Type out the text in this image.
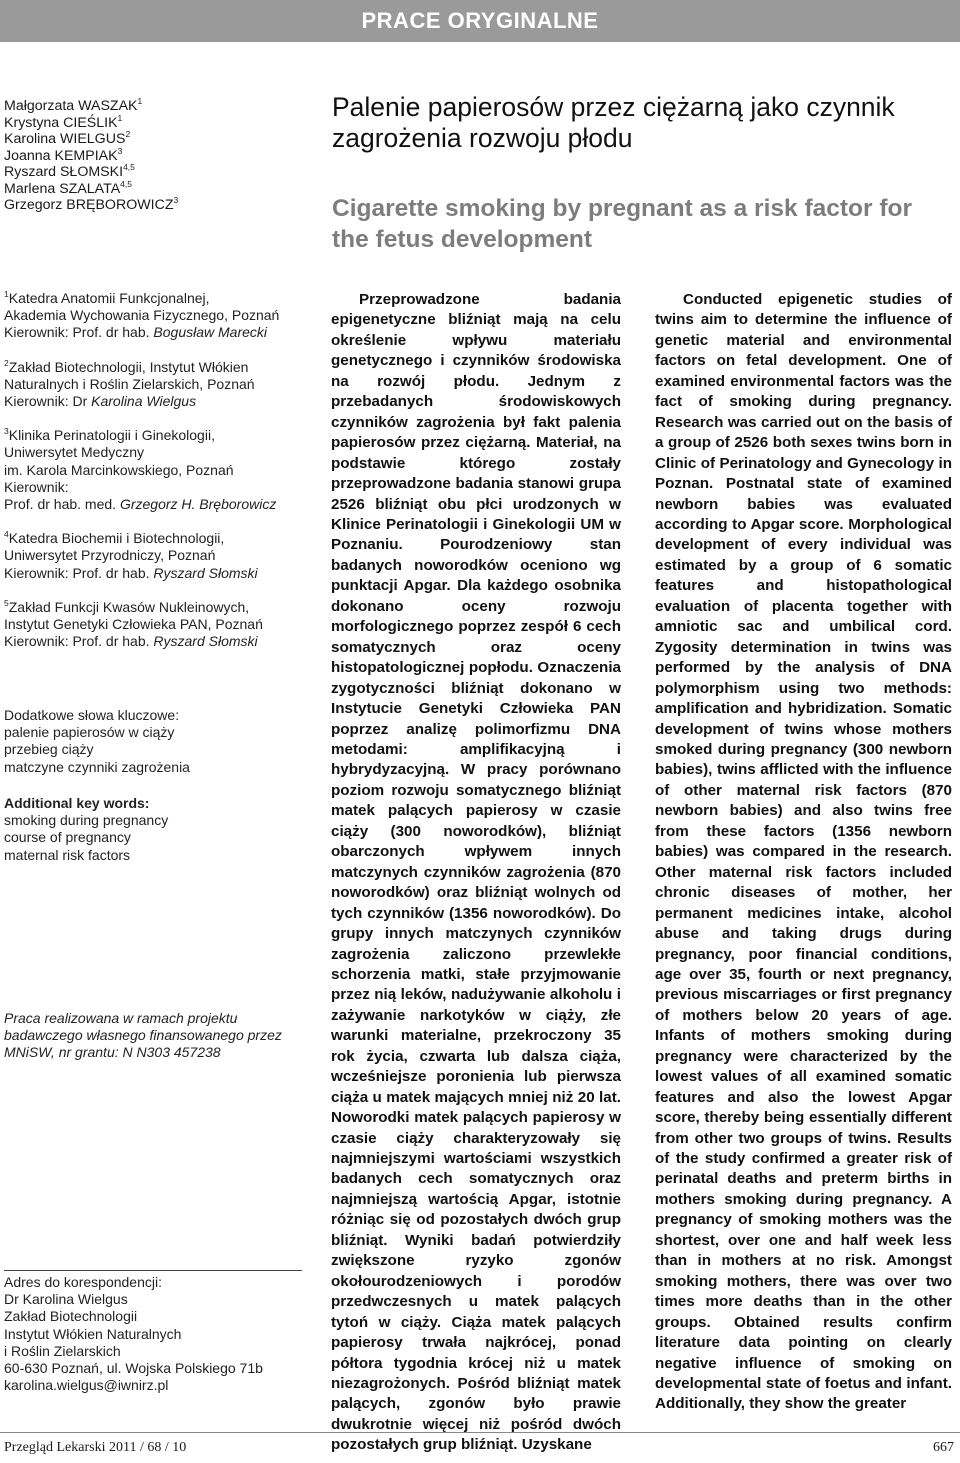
PRACE ORYGINALNE
Małgorzata WASZAK$^1$
Krystyna CIEŚLIK$^1$
Karolina WIELGUS$^2$
Joanna KEMPIAK$^3$
Ryszard SŁOMSKI$^{4,5}$
Marlena SZALATA$^{4,5}$
Grzegorz BRĘBOROWICZ$^3$
Palenie papierosów przez ciężarną jako czynnik zagrożenia rozwoju płodu
Cigarette smoking by pregnant as a risk factor for the fetus development
$^1$Katedra Anatomii Funkcjonalnej,
Akademia Wychowania Fizycznego, Poznań
Kierownik: Prof. dr hab. Bogusław Marecki
$^2$Zakład Biotechnologii, Instytut Włókien
Naturalnych i Roślin Zielarskich, Poznań
Kierownik: Dr Karolina Wielgus
$^3$Klinika Perinatologii i Ginekologii,
Uniwersytet Medyczny
im. Karola Marcinkowskiego, Poznań
Kierownik:
Prof. dr hab. med. Grzegorz H. Bręborowicz
$^4$Katedra Biochemii i Biotechnologii,
Uniwersytet Przyrodniczy, Poznań
Kierownik: Prof. dr hab. Ryszard Słomski
$^5$Zakład Funkcji Kwasów Nukleinowych,
Instytut Genetyki Człowieka PAN, Poznań
Kierownik: Prof. dr hab. Ryszard Słomski
Dodatkowe słowa kluczowe:
palenie papierosów w ciąży
przebieg ciąży
matczyne czynniki zagrożenia
Additional key words:
smoking during pregnancy
course of pregnancy
maternal risk factors
Praca realizowana w ramach projektu badawczego własnego finansowanego przez MNiSW, nr grantu: N N303 457238
Adres do korespondencji:
Dr Karolina Wielgus
Zakład Biotechnologii
Instytut Włókien Naturalnych
i Roślin Zielarskich
60-630 Poznań, ul. Wojska Polskiego 71b
karolina.wielgus@iwnirz.pl

Przeprowadzone badania epigenetyczne bliźniąt mają na celu określenie wpływu materiału genetycznego i czynników środowiska na rozwój płodu. Jednym z przebadanych środowiskowych czynników zagrożenia był fakt palenia papierosów przez ciężarną. Materiał, na podstawie którego zostały przeprowadzone badania stanowi grupa 2526 bliźniąt obu płci urodzonych w Klinice Perinatologii i Ginekologii UM w Poznaniu. Pourodzeniowy stan badanych noworodków oceniono wg punktacji Apgar. Dla każdego osobnika dokonano oceny rozwoju morfologicznego poprzez zespół 6 cech somatycznych oraz oceny histopatologicznej popłodu. Oznaczenia zygotyczności bliźniąt dokonano w Instytucie Genetyki Człowieka PAN poprzez analizę polimorfizmu DNA metodami: amplifikacyjną i hybrydyzacyjną. W pracy porównano poziom rozwoju somatycznego bliźniąt matek palących papierosy w czasie ciąży (300 noworodków), bliźniąt obarczonych wpływem innych matczynych czynników zagrożenia (870 noworodków) oraz bliźniąt wolnych od tych czynników (1356 noworodków). Do grupy innych matczynych czynników zagrożenia zaliczono przewlekłe schorzenia matki, stałe przyjmowanie przez nią leków, nadużywanie alkoholu i zażywanie narkotyków w ciąży, złe warunki materialne, przekroczony 35 rok życia, czwarta lub dalsza ciąża, wcześniejsze poronienia lub pierwsza ciąża u matek mających mniej niż 20 lat. Noworodki matek palących papierosy w czasie ciąży charakteryzowały się najmniejszymi wartościami wszystkich badanych cech somatycznych oraz najmniejszą wartością Apgar, istotnie różniąc się od pozostałych dwóch grup bliźniąt. Wyniki badań potwierdziły zwiększone ryzyko zgonów okołourodzeniowych i porodów przedwczesnych u matek palących tytoń w ciąży. Ciąża matek palących papierosy trwała najkrócej, ponad półtora tygodnia krócej niż u matek niezagrożonych. Pośród bliźniąt matek palących, zgonów było prawie dwukrotnie więcej niż pośród dwóch pozostałych grup bliźniąt. Uzyskane

Conducted epigenetic studies of twins aim to determine the influence of genetic material and environmental factors on fetal development. One of examined environmental factors was the fact of smoking during pregnancy. Research was carried out on the basis of a group of 2526 both sexes twins born in Clinic of Perinatology and Gynecology in Poznan. Postnatal state of examined newborn babies was evaluated according to Apgar score. Morphological development of every individual was estimated by a group of 6 somatic features and histopathological evaluation of placenta together with amniotic sac and umbilical cord. Zygosity determination in twins was performed by the analysis of DNA polymorphism using two methods: amplification and hybridization. Somatic development of twins whose mothers smoked during pregnancy (300 newborn babies), twins afflicted with the influence of other maternal risk factors (870 newborn babies) and also twins free from these factors (1356 newborn babies) was compared in the research. Other maternal risk factors included chronic diseases of mother, her permanent medicines intake, alcohol abuse and taking drugs during pregnancy, poor financial conditions, age over 35, fourth or next pregnancy, previous miscarriages or first pregnancy of mothers below 20 years of age. Infants of mothers smoking during pregnancy were characterized by the lowest values of all examined somatic features and also the lowest Apgar score, thereby being essentially different from other two groups of twins. Results of the study confirmed a greater risk of perinatal deaths and preterm births in mothers smoking during pregnancy. A pregnancy of smoking mothers was the shortest, over one and half week less than in mothers at no risk. Amongst smoking mothers, there was over two times more deaths than in the other groups. Obtained results confirm literature data pointing on clearly negative influence of smoking on developmental state of foetus and infant. Additionally, they show the greater

Przegląd Lekarski 2011 / 68 / 10	667
